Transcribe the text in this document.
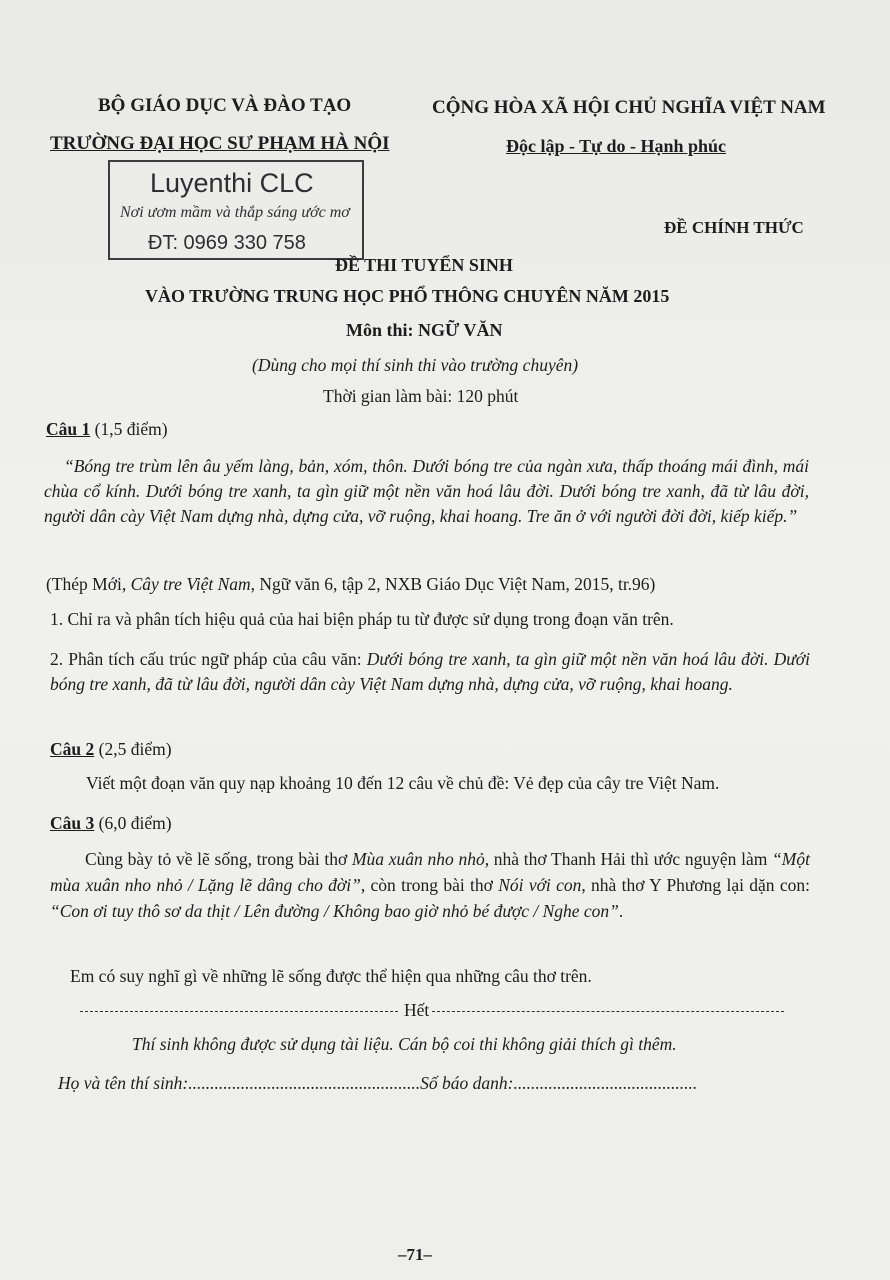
BỘ GIÁO DỤC VÀ ĐÀO TẠO
TRƯỜNG ĐẠI HỌC SƯ PHẠM HÀ NỘI
CỘNG HÒA XÃ HỘI CHỦ NGHĨA VIỆT NAM
Độc lập - Tự do - Hạnh phúc
ĐỀ CHÍNH THỨC
Luyenthi CLC
Nơi ươm mầm và thắp sáng ước mơ
ĐT: 0969 330 758
ĐỀ THI TUYỂN SINH
VÀO TRƯỜNG TRUNG HỌC PHỔ THÔNG CHUYÊN NĂM 2015
Môn thi: NGỮ VĂN
(Dùng cho mọi thí sinh thi vào trường chuyên)
Thời gian làm bài: 120 phút
Câu 1 (1,5 điểm)
“Bóng tre trùm lên âu yếm làng, bản, xóm, thôn. Dưới bóng tre của ngàn xưa, thấp thoáng mái đình, mái chùa cổ kính. Dưới bóng tre xanh, ta gìn giữ một nền văn hoá lâu đời. Dưới bóng tre xanh, đã từ lâu đời, người dân cày Việt Nam dựng nhà, dựng cửa, vỡ ruộng, khai hoang. Tre ăn ở với người đời đời, kiếp kiếp.”
(Thép Mới, Cây tre Việt Nam, Ngữ văn 6, tập 2, NXB Giáo Dục Việt Nam, 2015, tr.96)
1. Chỉ ra và phân tích hiệu quả của hai biện pháp tu từ được sử dụng trong đoạn văn trên.
2. Phân tích cấu trúc ngữ pháp của câu văn: Dưới bóng tre xanh, ta gìn giữ một nền văn hoá lâu đời. Dưới bóng tre xanh, đã từ lâu đời, người dân cày Việt Nam dựng nhà, dựng cửa, vỡ ruộng, khai hoang.
Câu 2 (2,5 điểm)
Viết một đoạn văn quy nạp khoảng 10 đến 12 câu về chủ đề: Vẻ đẹp của cây tre Việt Nam.
Câu 3 (6,0 điểm)
Cùng bày tỏ về lẽ sống, trong bài thơ Mùa xuân nho nhỏ, nhà thơ Thanh Hải thì ước nguyện làm “Một mùa xuân nho nhỏ / Lặng lẽ dâng cho đời”, còn trong bài thơ Nói với con, nhà thơ Y Phương lại dặn con: “Con ơi tuy thô sơ da thịt / Lên đường / Không bao giờ nhỏ bé được / Nghe con”.
Em có suy nghĩ gì về những lẽ sống được thể hiện qua những câu thơ trên.
Hết
Thí sinh không được sử dụng tài liệu. Cán bộ coi thi không giải thích gì thêm.
Họ và tên thí sinh:.....................................................Số báo danh:..........................................
–71–
